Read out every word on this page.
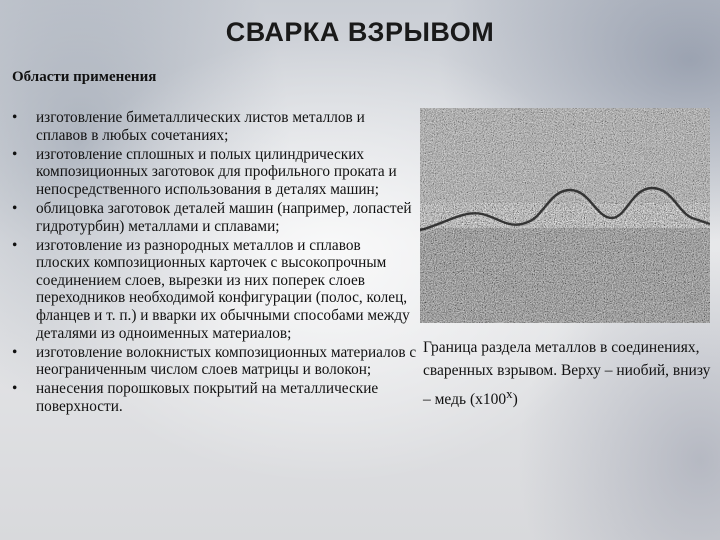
СВАРКА ВЗРЫВОМ
Области применения
• изготовление биметаллических листов металлов и сплавов в любых сочетаниях;
• изготовление сплошных и полых цилиндрических композиционных заготовок для профильного проката и непосредственного использования в деталях машин;
• облицовка заготовок деталей машин (например, лопастей гидротурбин) металлами и сплавами;
• изготовление из разнородных металлов и сплавов плоских композиционных карточек с высокопрочным соединением слоев, вырезки из них поперек слоев переходников необходимой конфигурации (полос, колец, фланцев и т. п.) и вварки их обычными способами между деталями из одноименных материалов;
• изготовление волокнистых композиционных материалов с неограниченным числом слоев матрицы и волокон;
• нанесения порошковых покрытий на металлические поверхности.
Граница раздела металлов в соединениях, сваренных взрывом. Верху – ниобий, внизу – медь $(х100^х)$
